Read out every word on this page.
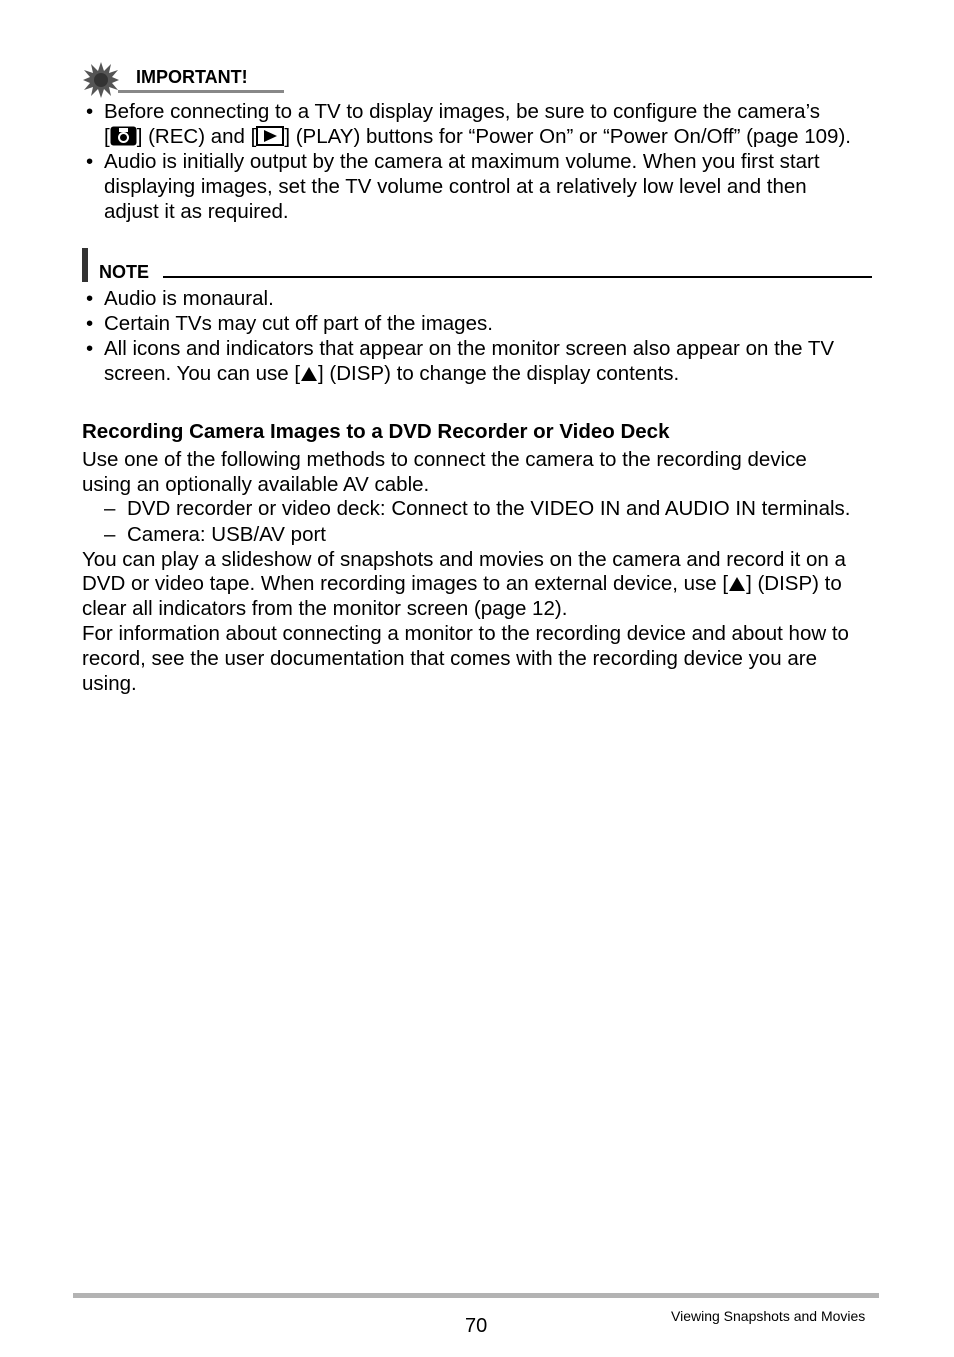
IMPORTANT!
• Before connecting to a TV to display images, be sure to configure the camera’s
[ ] (REC) and [ ] (PLAY) buttons for “Power On” or “Power On/Off” (page 109).
• Audio is initially output by the camera at maximum volume. When you first start
displaying images, set the TV volume control at a relatively low level and then
adjust it as required.
NOTE
• Audio is monaural.
• Certain TVs may cut off part of the images.
• All icons and indicators that appear on the monitor screen also appear on the TV
screen. You can use [ ] (DISP) to change the display contents.
Recording Camera Images to a DVD Recorder or Video Deck
Use one of the following methods to connect the camera to the recording device
using an optionally available AV cable.
– DVD recorder or video deck: Connect to the VIDEO IN and AUDIO IN terminals.
– Camera: USB/AV port
You can play a slideshow of snapshots and movies on the camera and record it on a
DVD or video tape. When recording images to an external device, use [ ] (DISP) to
clear all indicators from the monitor screen (page 12).
For information about connecting a monitor to the recording device and about how to
record, see the user documentation that comes with the recording device you are
using.
70	Viewing Snapshots and Movies
